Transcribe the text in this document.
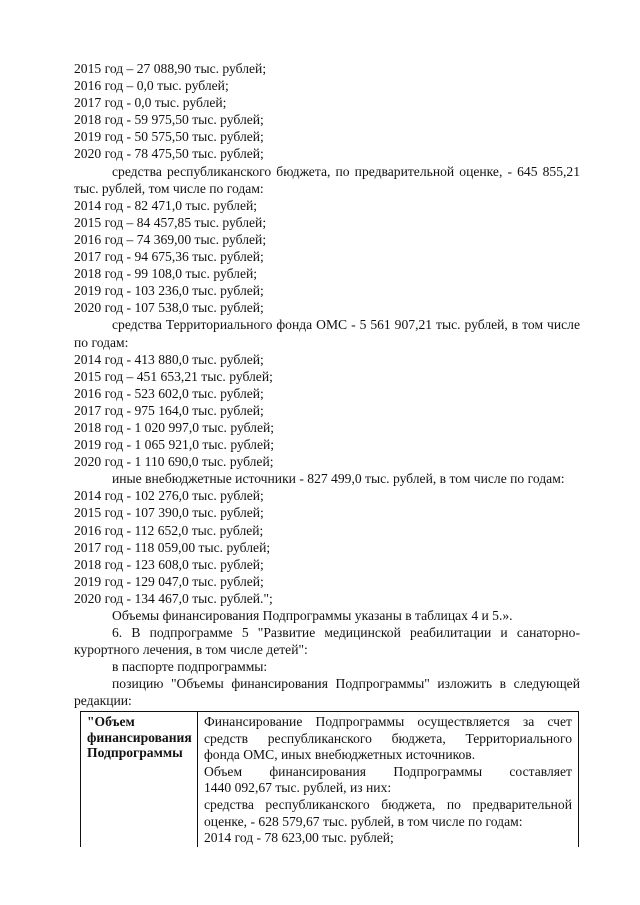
2015 год – 27 088,90 тыс. рублей;
2016 год – 0,0 тыс. рублей;
2017 год - 0,0 тыс. рублей;
2018 год - 59 975,50 тыс. рублей;
2019 год - 50 575,50 тыс. рублей;
2020 год - 78 475,50 тыс. рублей;
средства республиканского бюджета, по предварительной оценке, - 645 855,21 тыс. рублей, том числе по годам:
2014 год - 82 471,0 тыс. рублей;
2015 год – 84 457,85 тыс. рублей;
2016 год – 74 369,00 тыс. рублей;
2017 год - 94 675,36 тыс. рублей;
2018 год - 99 108,0 тыс. рублей;
2019 год - 103 236,0 тыс. рублей;
2020 год - 107 538,0 тыс. рублей;
средства Территориального фонда ОМС - 5 561 907,21 тыс. рублей, в том числе по годам:
2014 год - 413 880,0 тыс. рублей;
2015 год – 451 653,21 тыс. рублей;
2016 год - 523 602,0 тыс. рублей;
2017 год - 975 164,0 тыс. рублей;
2018 год - 1 020 997,0 тыс. рублей;
2019 год - 1 065 921,0 тыс. рублей;
2020 год - 1 110 690,0 тыс. рублей;
иные внебюджетные источники - 827 499,0 тыс. рублей, в том числе по годам:
2014 год - 102 276,0 тыс. рублей;
2015 год - 107 390,0 тыс. рублей;
2016 год - 112 652,0 тыс. рублей;
2017 год - 118 059,00 тыс. рублей;
2018 год - 123 608,0 тыс. рублей;
2019 год - 129 047,0 тыс. рублей;
2020 год - 134 467,0 тыс. рублей.";
Объемы финансирования Подпрограммы указаны в таблицах 4 и 5.».
6. В подпрограмме 5 "Развитие медицинской реабилитации и санаторно-курортного лечения, в том числе детей":
в паспорте подпрограммы:
позицию "Объемы финансирования Подпрограммы" изложить в следующей редакции:
"Объем
финансирования
Подпрограммы
Финансирование Подпрограммы осуществляется за счет
средств республиканского бюджета, Территориального
фонда ОМС, иных внебюджетных источников.
Объем финансирования Подпрограммы составляет
1440 092,67 тыс. рублей, из них:
средства республиканского бюджета, по предварительной
оценке, - 628 579,67 тыс. рублей, в том числе по годам:
2014 год - 78 623,00 тыс. рублей;
